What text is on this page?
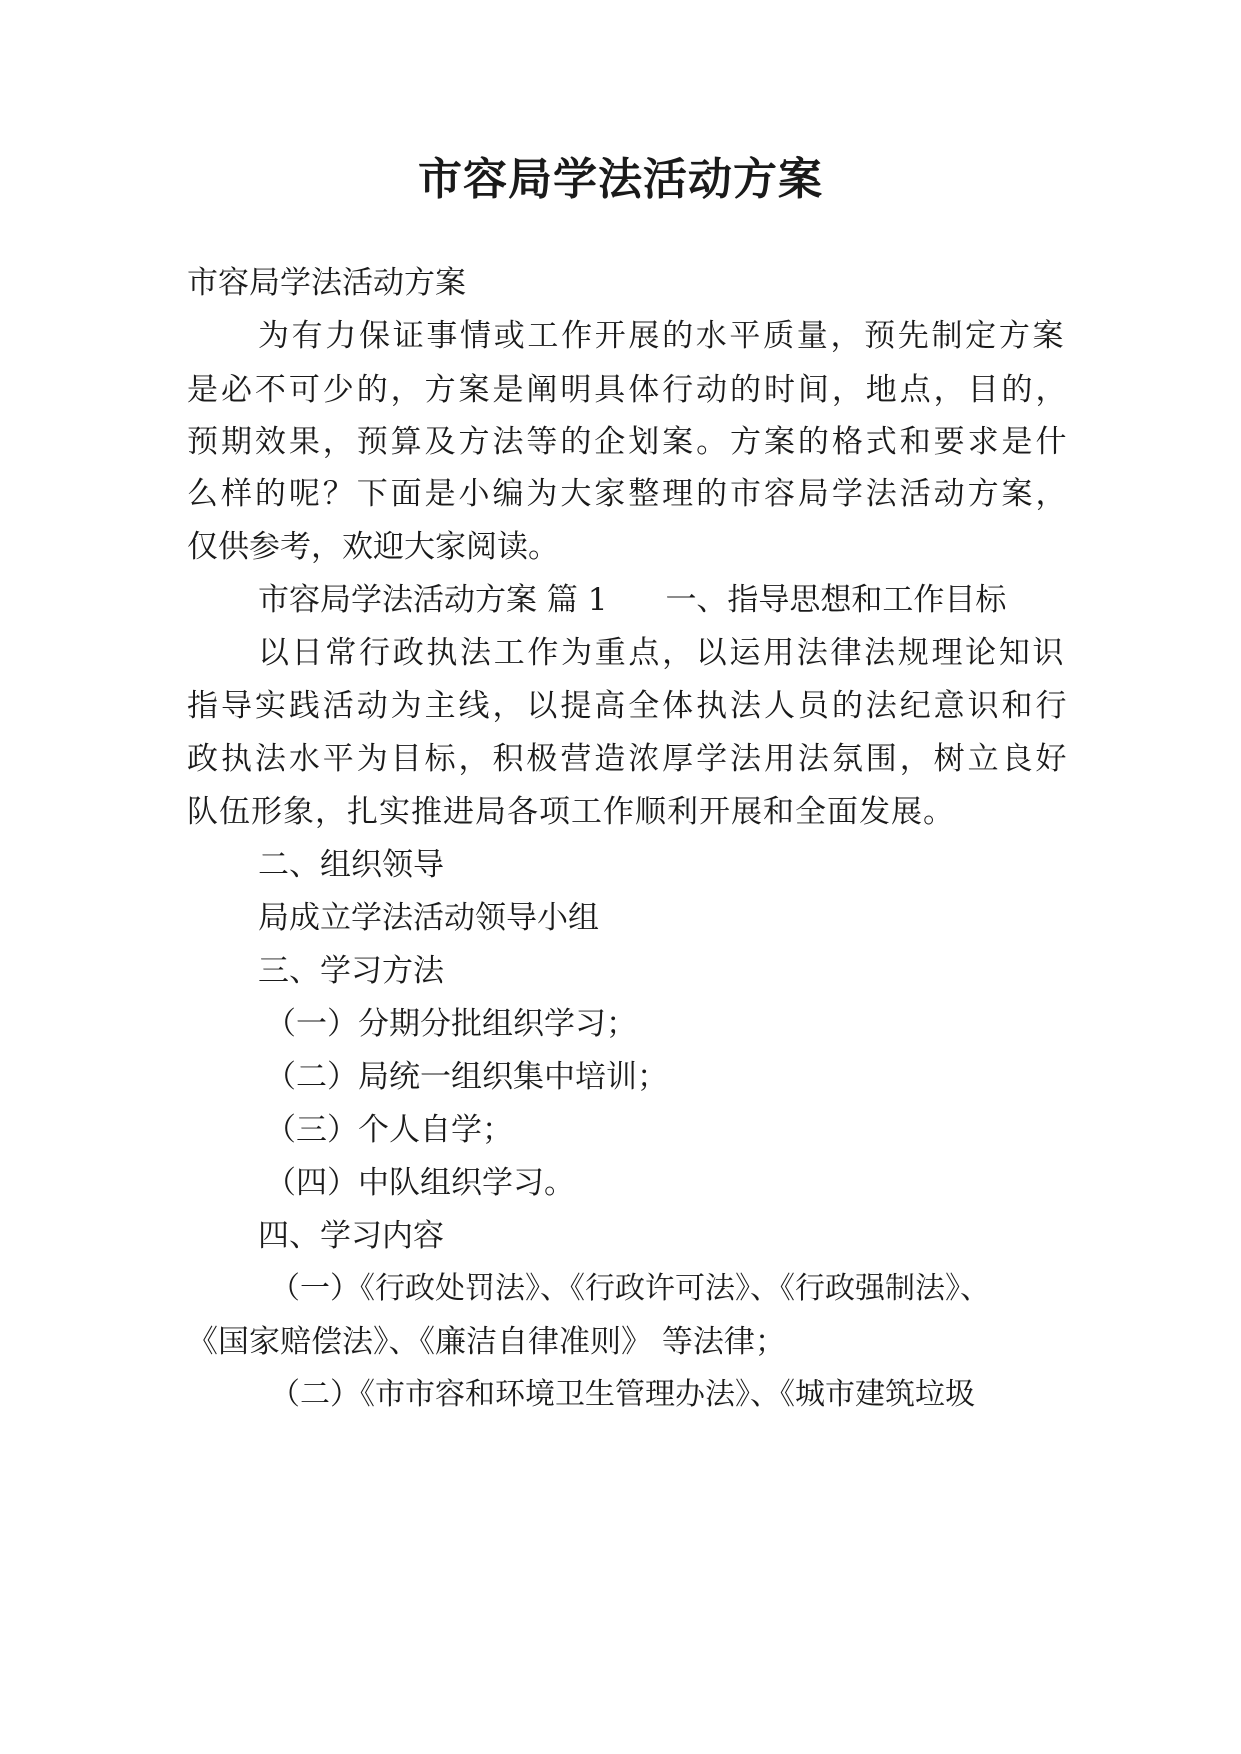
市容局学法活动方案

市容局学法活动方案

为有力保证事情或工作开展的水平质量，预先制定方案

是必不可少的，方案是阐明具体行动的时间，地点，目的，

预期效果，预算及方法等的企划案。方案的格式和要求是什

么样的呢？下面是小编为大家整理的市容局学法活动方案，

仅供参考，欢迎大家阅读。

市容局学法活动方案 篇 1 一、指导思想和工作目标

以日常行政执法工作为重点，以运用法律法规理论知识

指导实践活动为主线，以提高全体执法人员的法纪意识和行

政执法水平为目标，积极营造浓厚学法用法氛围，树立良好

队伍形象，扎实推进局各项工作顺利开展和全面发展。

二、组织领导

局成立学法活动领导小组

三、学习方法

（一）分期分批组织学习；

（二）局统一组织集中培训；

（三）个人自学；

（四）中队组织学习。

四、学习内容

（一）《行政处罚法》、《行政许可法》、《行政强制法》、

《国家赔偿法》、《廉洁自律准则》 等法律；

（二）《市市容和环境卫生管理办法》、《城市建筑垃圾
